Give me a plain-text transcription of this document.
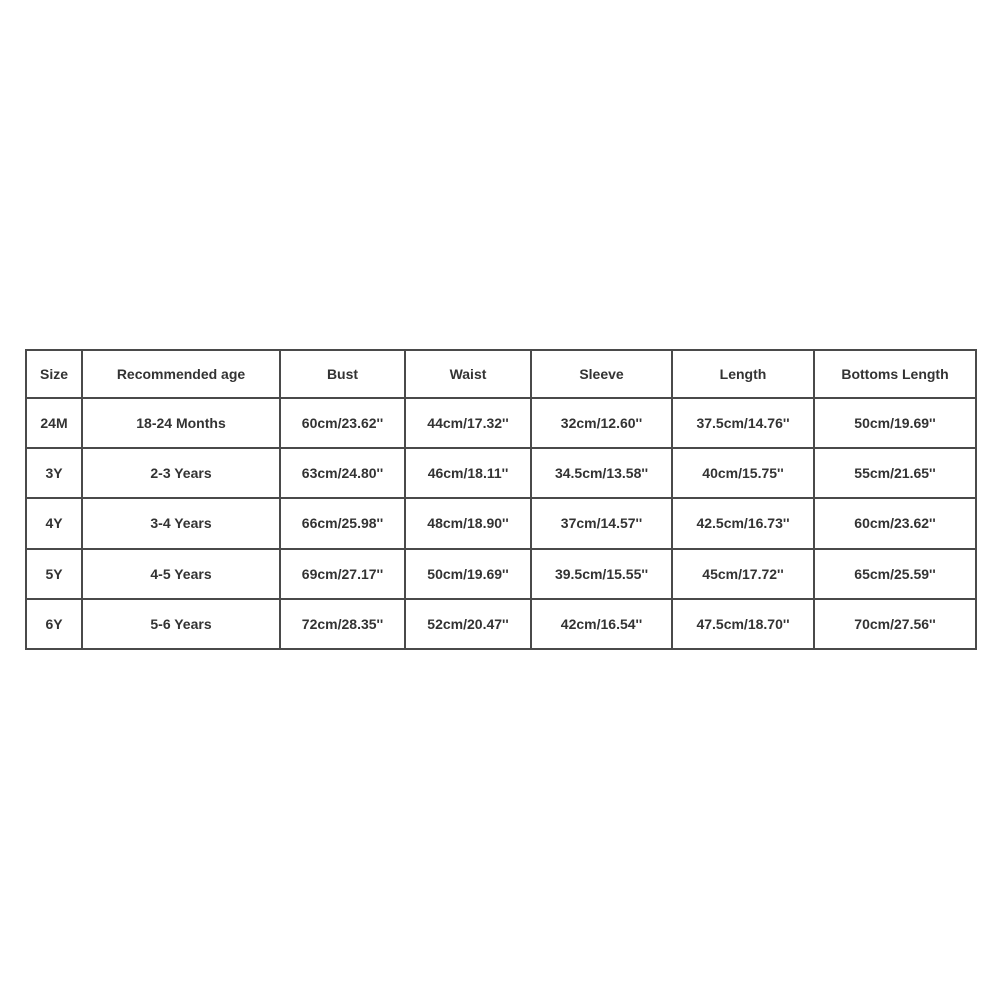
Size	Recommended age	Bust	Waist	Sleeve	Length	Bottoms Length
24M	18-24 Months	60cm/23.62''	44cm/17.32''	32cm/12.60''	37.5cm/14.76''	50cm/19.69''
3Y	2-3 Years	63cm/24.80''	46cm/18.11''	34.5cm/13.58''	40cm/15.75''	55cm/21.65''
4Y	3-4 Years	66cm/25.98''	48cm/18.90''	37cm/14.57''	42.5cm/16.73''	60cm/23.62''
5Y	4-5 Years	69cm/27.17''	50cm/19.69''	39.5cm/15.55''	45cm/17.72''	65cm/25.59''
6Y	5-6 Years	72cm/28.35''	52cm/20.47''	42cm/16.54''	47.5cm/18.70''	70cm/27.56''
